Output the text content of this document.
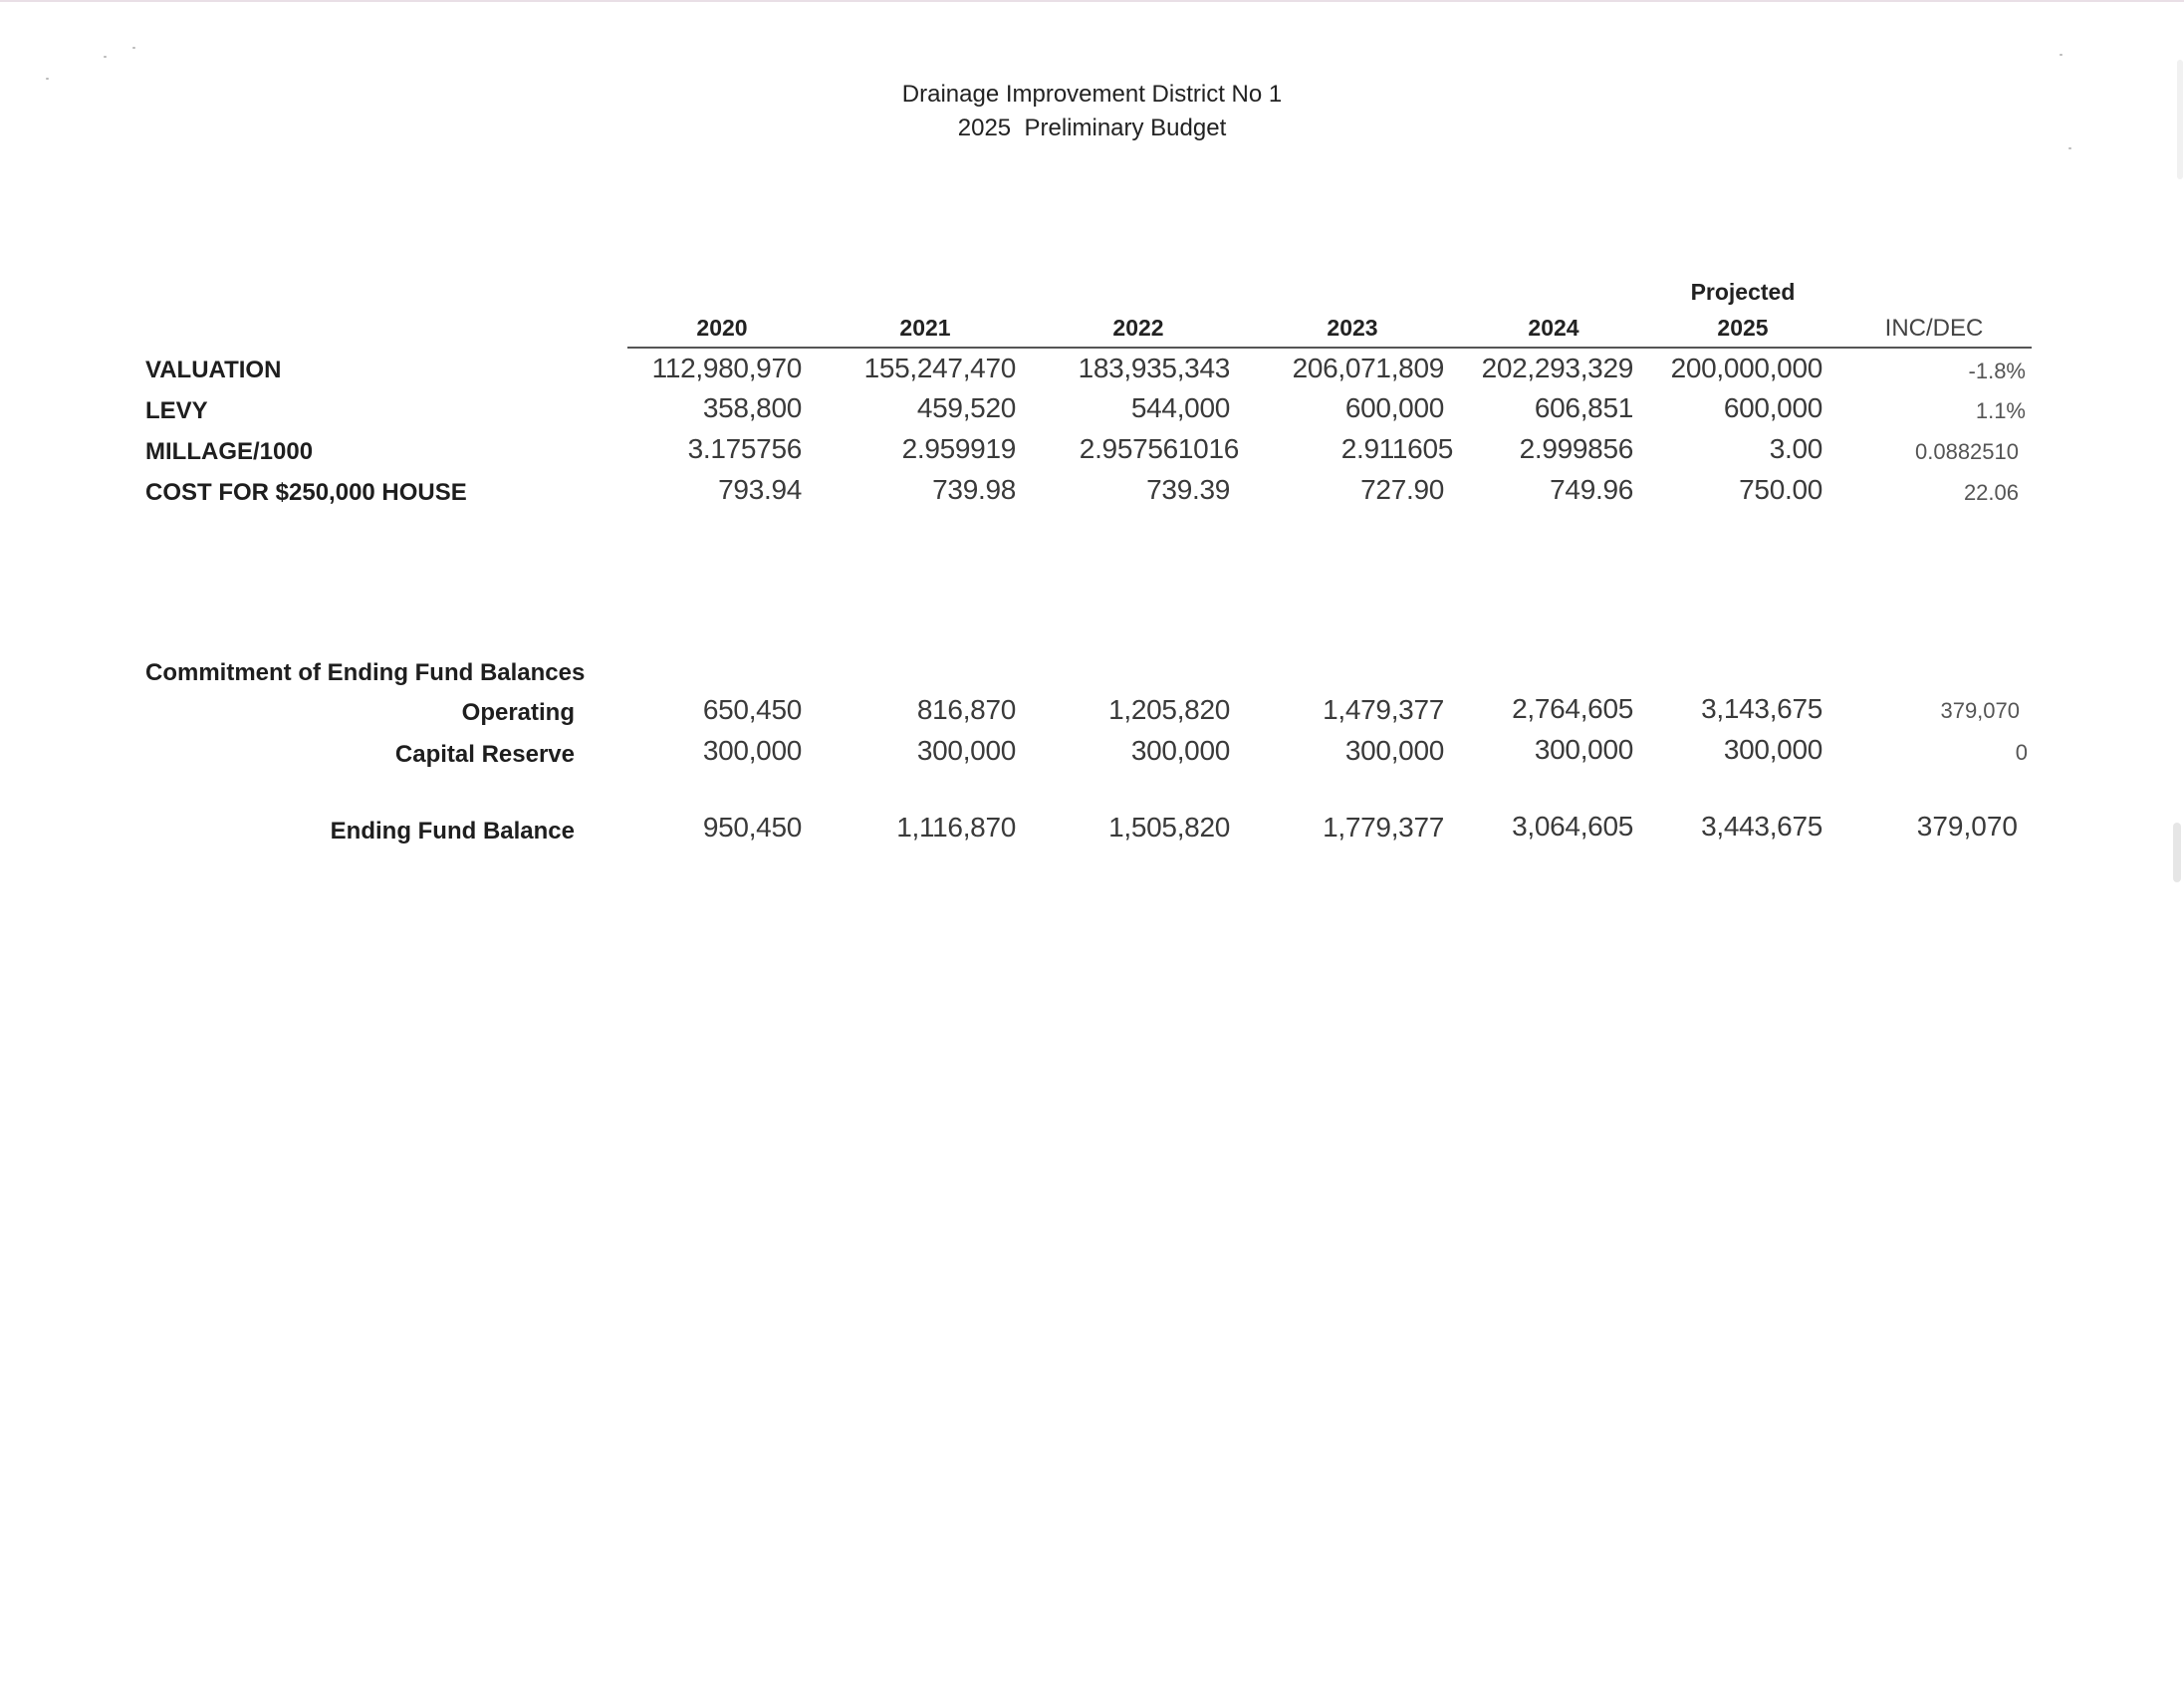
Drainage Improvement District No 1
2025  Preliminary Budget
Projected
2020	2021	2022	2023	2024	2025	INC/DEC
VALUATION	112,980,970	155,247,470	183,935,343	206,071,809	202,293,329	200,000,000	-1.8%
LEVY	358,800	459,520	544,000	600,000	606,851	600,000	1.1%
MILLAGE/1000	3.175756	2.959919	2.957561016	2.911605	2.999856	3.00	0.0882510
COST FOR $250,000 HOUSE	793.94	739.98	739.39	727.90	749.96	750.00	22.06
Commitment of Ending Fund Balances
Operating	650,450	816,870	1,205,820	1,479,377	2,764,605	3,143,675	379,070
Capital Reserve	300,000	300,000	300,000	300,000	300,000	300,000	0
Ending Fund Balance	950,450	1,116,870	1,505,820	1,779,377	3,064,605	3,443,675	379,070
